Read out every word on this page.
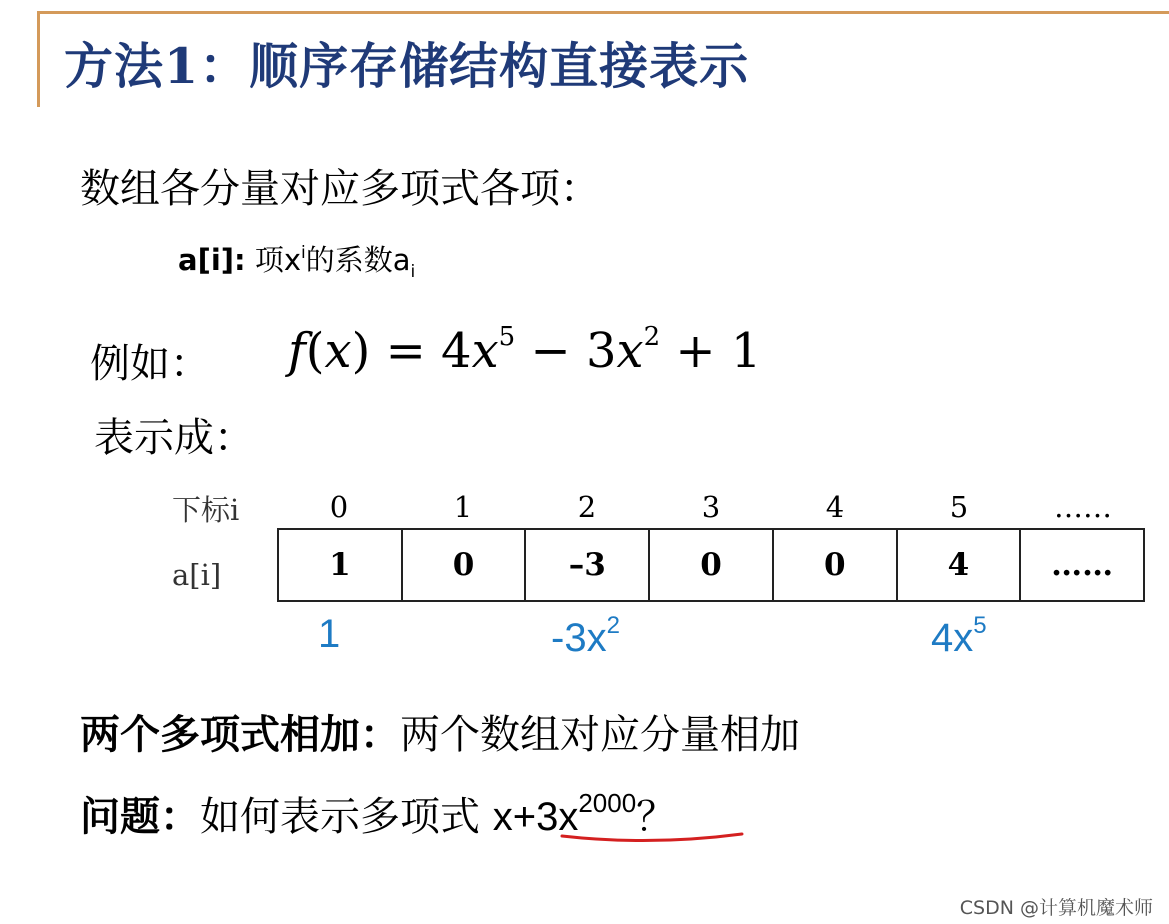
方法1：顺序存储结构直接表示
数组各分量对应多项式各项：
a[i]: 项$x^i$的系数$a_i$
例如： $f(x) = 4x^5 - 3x^2 + 1$
表示成：
下标i
a[i]
0	1	2	3	4	5	……
1	0	–3	0	0	4	……
1	$-3x^2$	$4x^5$
两个多项式相加：两个数组对应分量相加
问题：如何表示多项式 $x+3x^{2000}$？
CSDN @计算机魔术师
